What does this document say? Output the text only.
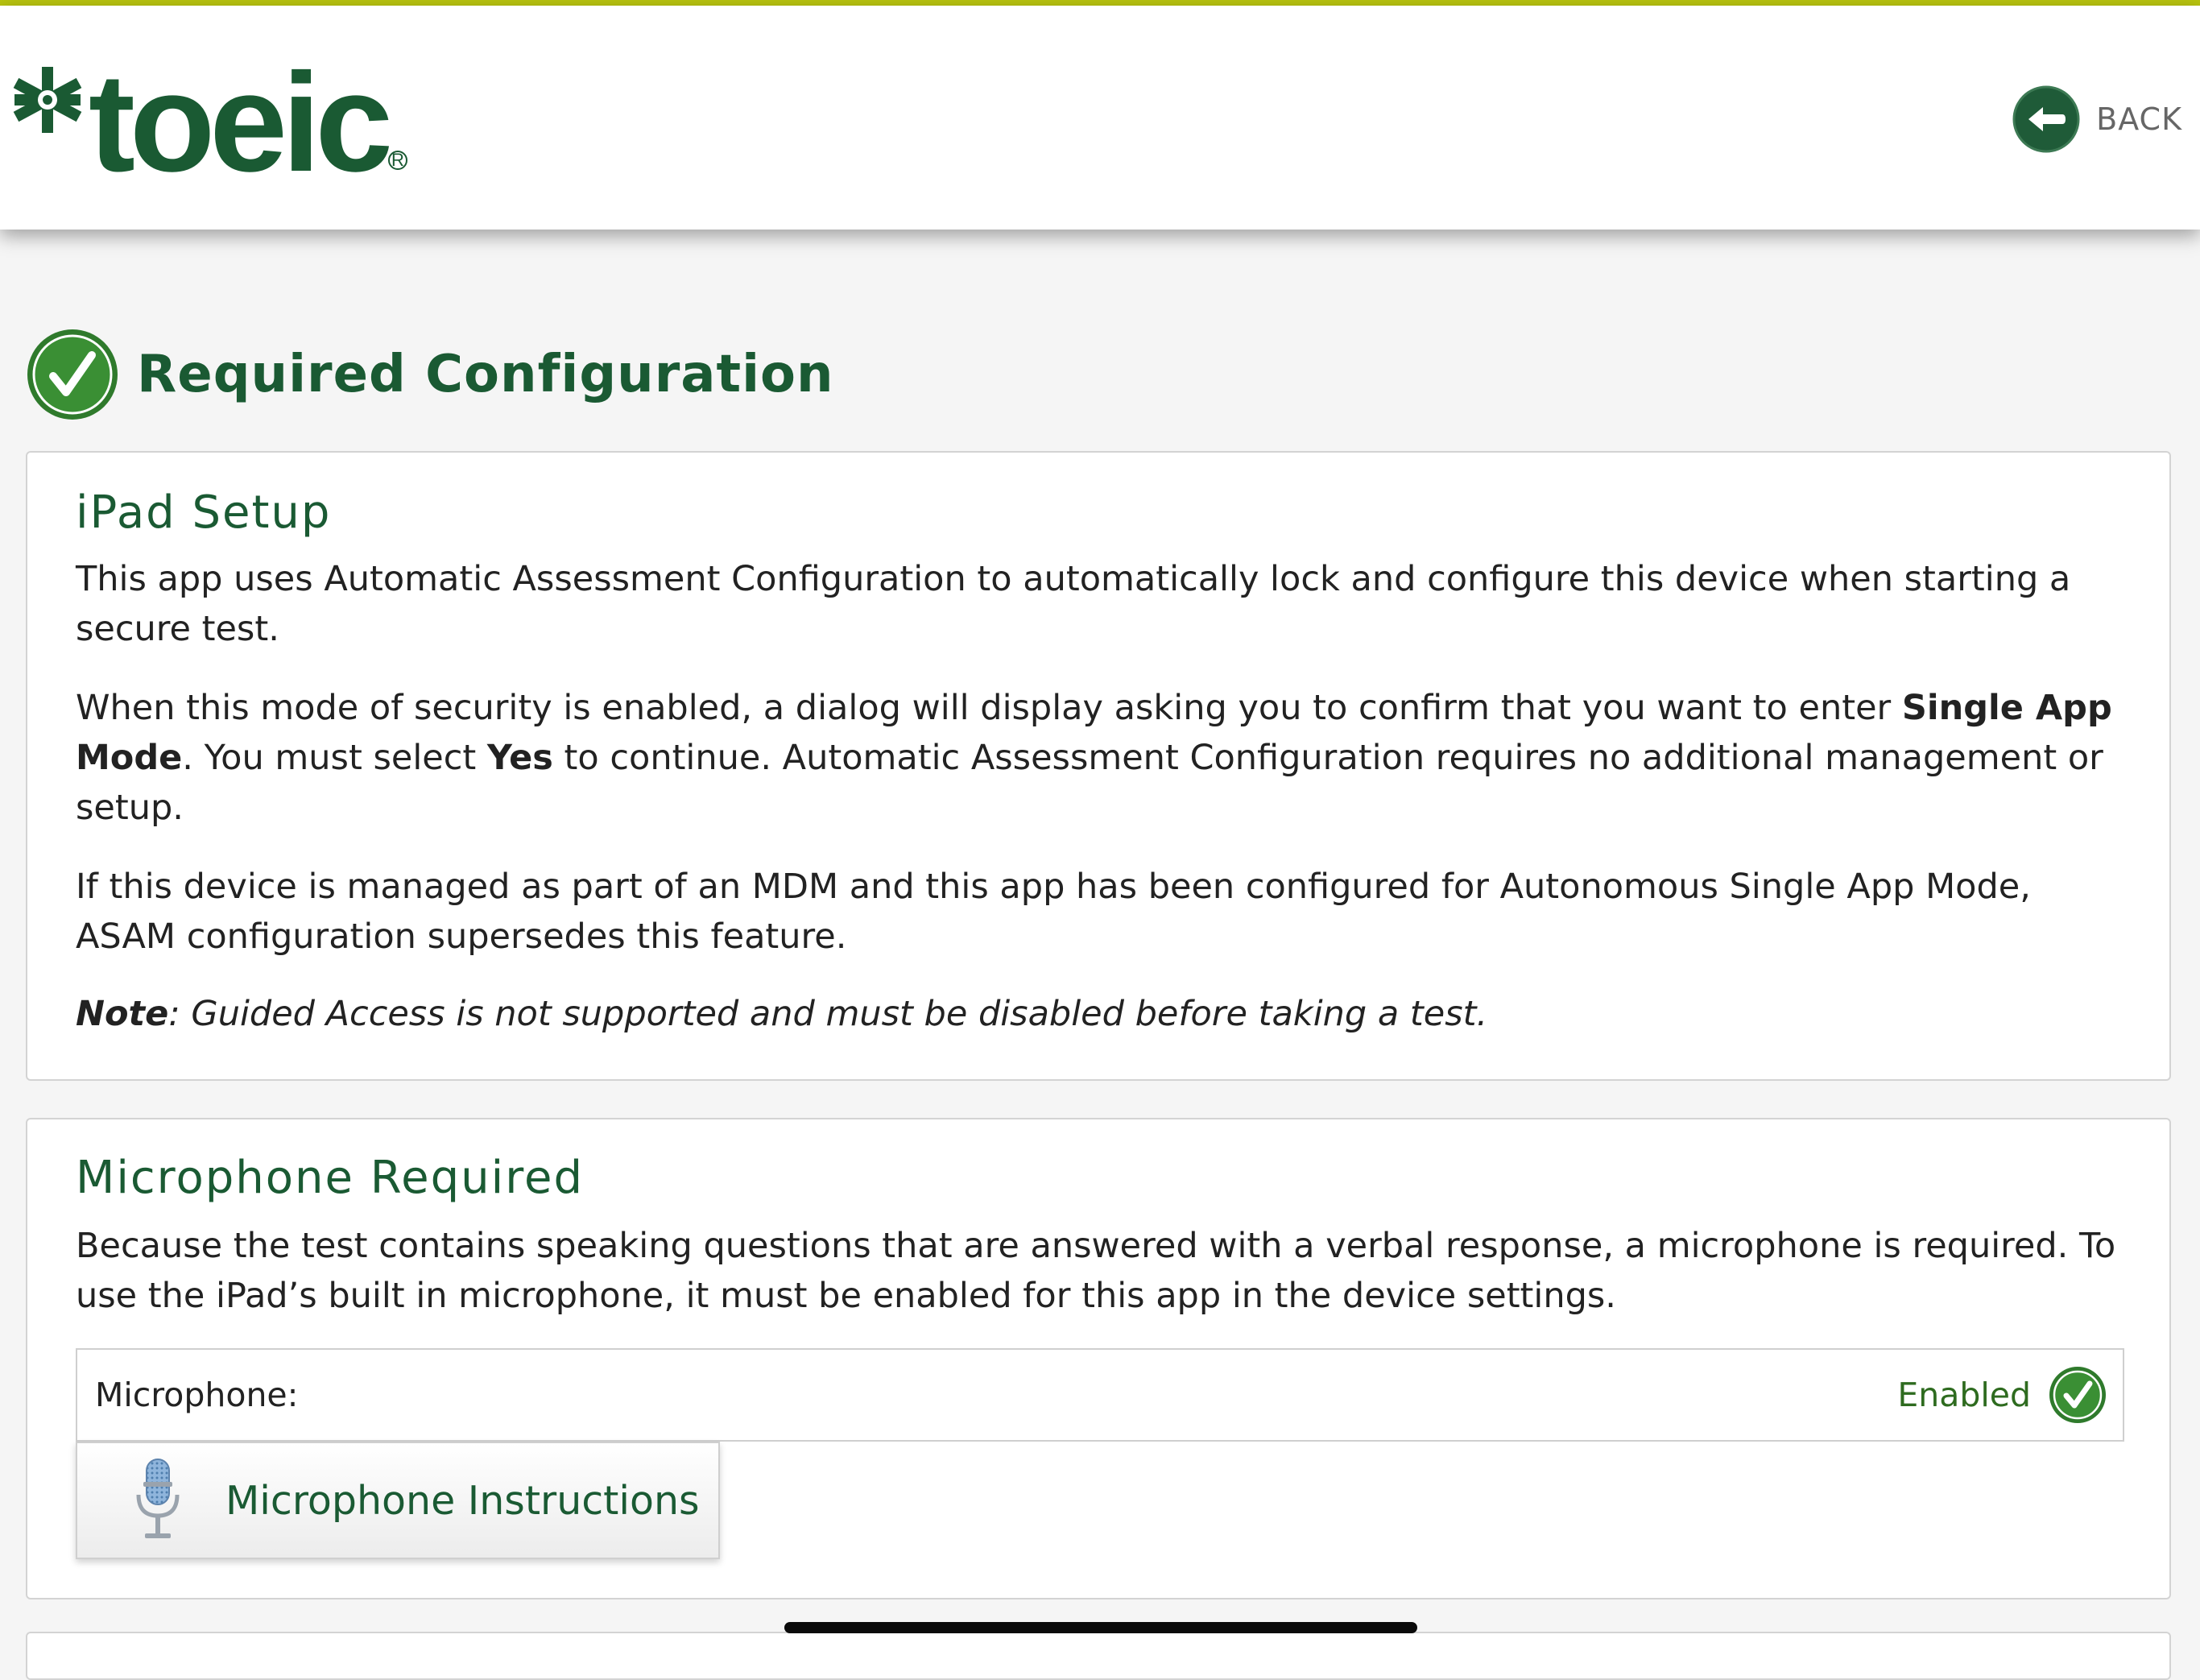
toeic R
BACK
Required Configuration
iPad Setup

This app uses Automatic Assessment Configuration to automatically lock and configure this device when starting a secure test.

When this mode of security is enabled, a dialog will display asking you to confirm that you want to enter Single App Mode. You must select Yes to continue. Automatic Assessment Configuration requires no additional management or setup.

If this device is managed as part of an MDM and this app has been configured for Autonomous Single App Mode, ASAM configuration supersedes this feature.

Note: Guided Access is not supported and must be disabled before taking a test.

Microphone Required

Because the test contains speaking questions that are answered with a verbal response, a microphone is required. To use the iPad’s built in microphone, it must be enabled for this app in the device settings.

Microphone:	Enabled
Microphone Instructions
